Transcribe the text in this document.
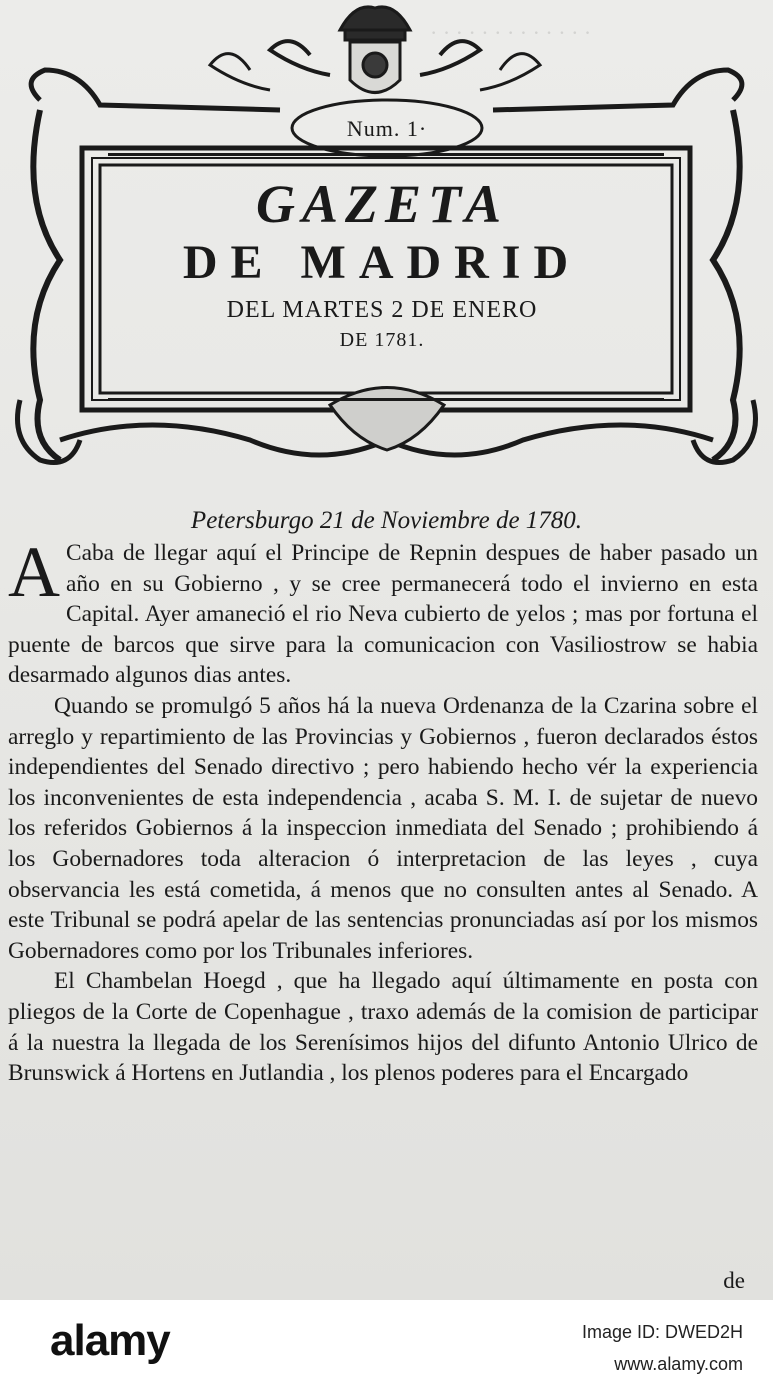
· · · · · · · · · · · · ·
Num. 1·
GAZETA
DE MADRID
DEL MARTES 2 DE ENERO
DE 1781.
Petersburgo 21 de Noviembre de 1780.

A Caba de llegar aquí el Principe de Repnin despues de haber pasado un año en su Gobierno , y se cree permanecerá todo el invierno en esta Capital. Ayer amaneció el rio Neva cubierto de yelos ; mas por fortuna el puente de barcos que sirve para la comunicacion con Vasiliostrow se habia desarmado algunos dias antes.

Quando se promulgó 5 años há la nueva Ordenanza de la Czarina sobre el arreglo y repartimiento de las Provincias y Gobiernos , fueron declarados éstos independientes del Senado directivo ; pero habiendo hecho vér la experiencia los inconvenientes de esta independencia , acaba S. M. I. de sujetar de nuevo los referidos Gobiernos á la inspeccion inmediata del Senado ; prohibiendo á los Gobernadores toda alteracion ó interpretacion de las leyes , cuya observancia les está cometida, á menos que no consulten antes al Senado. A este Tribunal se podrá apelar de las sentencias pronunciadas así por los mismos Gobernadores como por los Tribunales inferiores.

El Chambelan Hoegd , que ha llegado aquí últimamente en posta con pliegos de la Corte de Copenhague , traxo además de la comision de participar á la nuestra la llegada de los Serenísimos hijos del difunto Antonio Ulrico de Brunswick á Hortens en Jutlandia , los plenos poderes para el Encargado

de
alamy	Image ID: DWED2H
www.alamy.com
